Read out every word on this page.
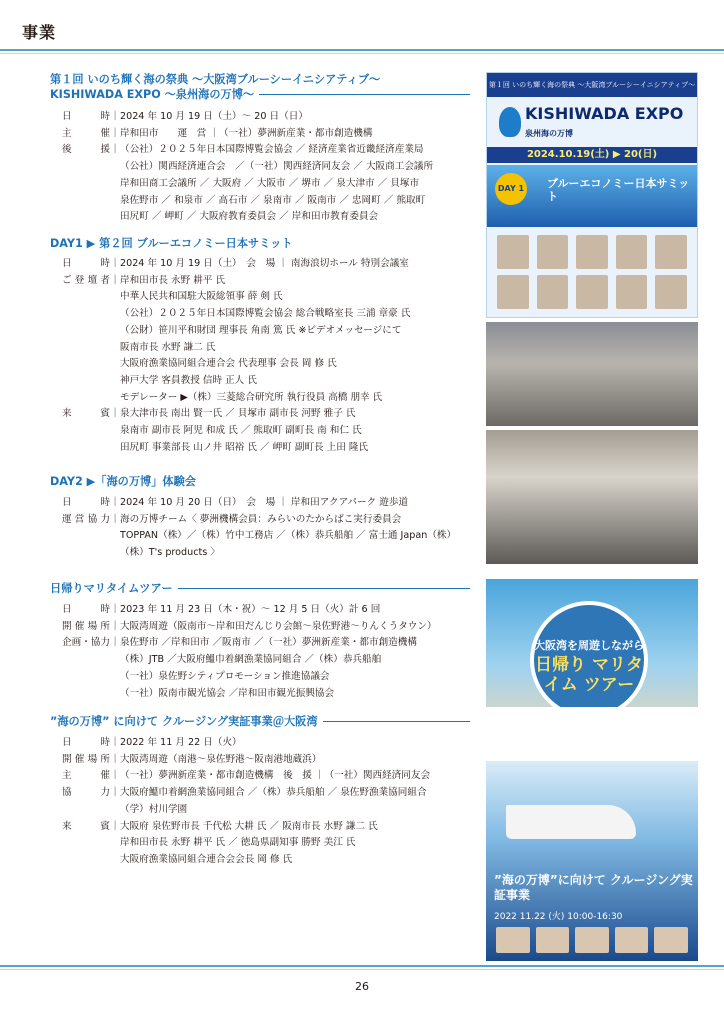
事業
第１回 いのち輝く海の祭典 ～大阪湾ブルーシーイニシアティブ～
KISHIWADA EXPO ～泉州海の万博～
日　時 ｜ 2024 年 10 月 19 日（土）～ 20 日（日）
主　催 ｜ 岸和田市　　運　営 ｜（一社）夢洲新産業・都市創造機構
後　援 ｜ （公社）２０２５年日本国際博覧会協会 ／ 経済産業省近畿経済産業局
（公社）関西経済連合会　／（一社）関西経済同友会 ／ 大阪商工会議所
岸和田商工会議所 ／ 大阪府 ／ 大阪市 ／ 堺市 ／ 泉大津市 ／ 貝塚市
泉佐野市 ／ 和泉市 ／ 高石市 ／ 泉南市 ／ 阪南市 ／ 忠岡町 ／ 熊取町
田尻町 ／ 岬町 ／ 大阪府教育委員会 ／ 岸和田市教育委員会
DAY1 ▶ 第２回 ブルーエコノミー日本サミット
日　時 ｜ 2024 年 10 月 19 日（土）　会　場 ｜ 南海浪切ホール 特別会議室
ご登壇者 ｜ 岸和田市長 永野 耕平 氏
中華人民共和国駐大阪総領事 薛 剣 氏
（公社）２０２５年日本国際博覧会協会 総合戦略室長 三浦 章豪 氏
（公財）笹川平和財団 理事長 角南 篤 氏 ※ビデオメッセージにて
阪南市長 水野 謙二 氏
大阪府漁業協同組合連合会 代表理事 会長 岡 修 氏
神戸大学 客員教授 信時 正人 氏
モデレーター ▶（株）三菱総合研究所 執行役員 高橋 朋幸 氏
来　賓 ｜ 泉大津市長 南出 賢一氏 ／ 貝塚市 副市長 河野 雅子 氏
泉南市 副市長 阿児 和成 氏 ／ 熊取町 副町長 南 和仁 氏
田尻町 事業部長 山ノ井 昭裕 氏 ／ 岬町 副町長 上田 隆氏
DAY2 ▶「海の万博」体験会
日　時 ｜ 2024 年 10 月 20 日（日）　会　場 ｜ 岸和田アクアパーク 遊歩道
運営協力 ｜ 海の万博チーム〈 夢洲機構会員：みらいのたからばこ実行委員会
TOPPAN（株）／（株）竹中工務店 ／（株）恭兵船舶 ／ 富士通 Japan（株）
（株）T's products 〉
日帰りマリタイムツアー
日　時 ｜ 2023 年 11 月 23 日（木・祝）～ 12 月 5 日（火）計 6 回
開催場所 ｜ 大阪湾周遊（阪南市～岸和田だんじり会館～泉佐野港～りんくうタウン）
企画・協力 ｜ 泉佐野市 ／岸和田市 ／阪南市 ／（一社）夢洲新産業・都市創造機構
（株）JTB ／大阪府鰮巾着網漁業協同組合 ／（株）恭兵船舶
（一社）泉佐野シティプロモーション推進協議会
（一社）阪南市観光協会 ／岸和田市観光振興協会
”海の万博” に向けて クルージング実証事業＠大阪湾
日　時 ｜ 2022 年 11 月 22 日（火）
開催場所 ｜ 大阪湾周遊（南港～泉佐野港～阪南港地蔵浜）
主　催 ｜ （一社）夢洲新産業・都市創造機構　後　援 ｜（一社）関西経済同友会
協　力 ｜ 大阪府鰮巾着網漁業協同組合 ／（株）恭兵船舶 ／ 泉佐野漁業協同組合
（学）村川学園
来　賓 ｜ 大阪府 泉佐野市長 千代松 大耕 氏 ／ 阪南市長 水野 謙二 氏
岸和田市長 永野 耕平 氏 ／ 徳島県副知事 勝野 美江 氏
大阪府漁業協同組合連合会会長 岡 修 氏
第１回 いのち輝く海の祭典 ～大阪湾ブルーシーイニシアティブ～
KISHIWADA EXPO
泉州海の万博
2024.10.19(土) ▶ 20(日)
DAY 1 ブルーエコノミー日本サミット
大阪湾を周遊しながら
日帰り マリタイム ツアー
”海の万博”に向けて クルージング実証事業
2022 11.22 (火) 10:00-16:30
26
